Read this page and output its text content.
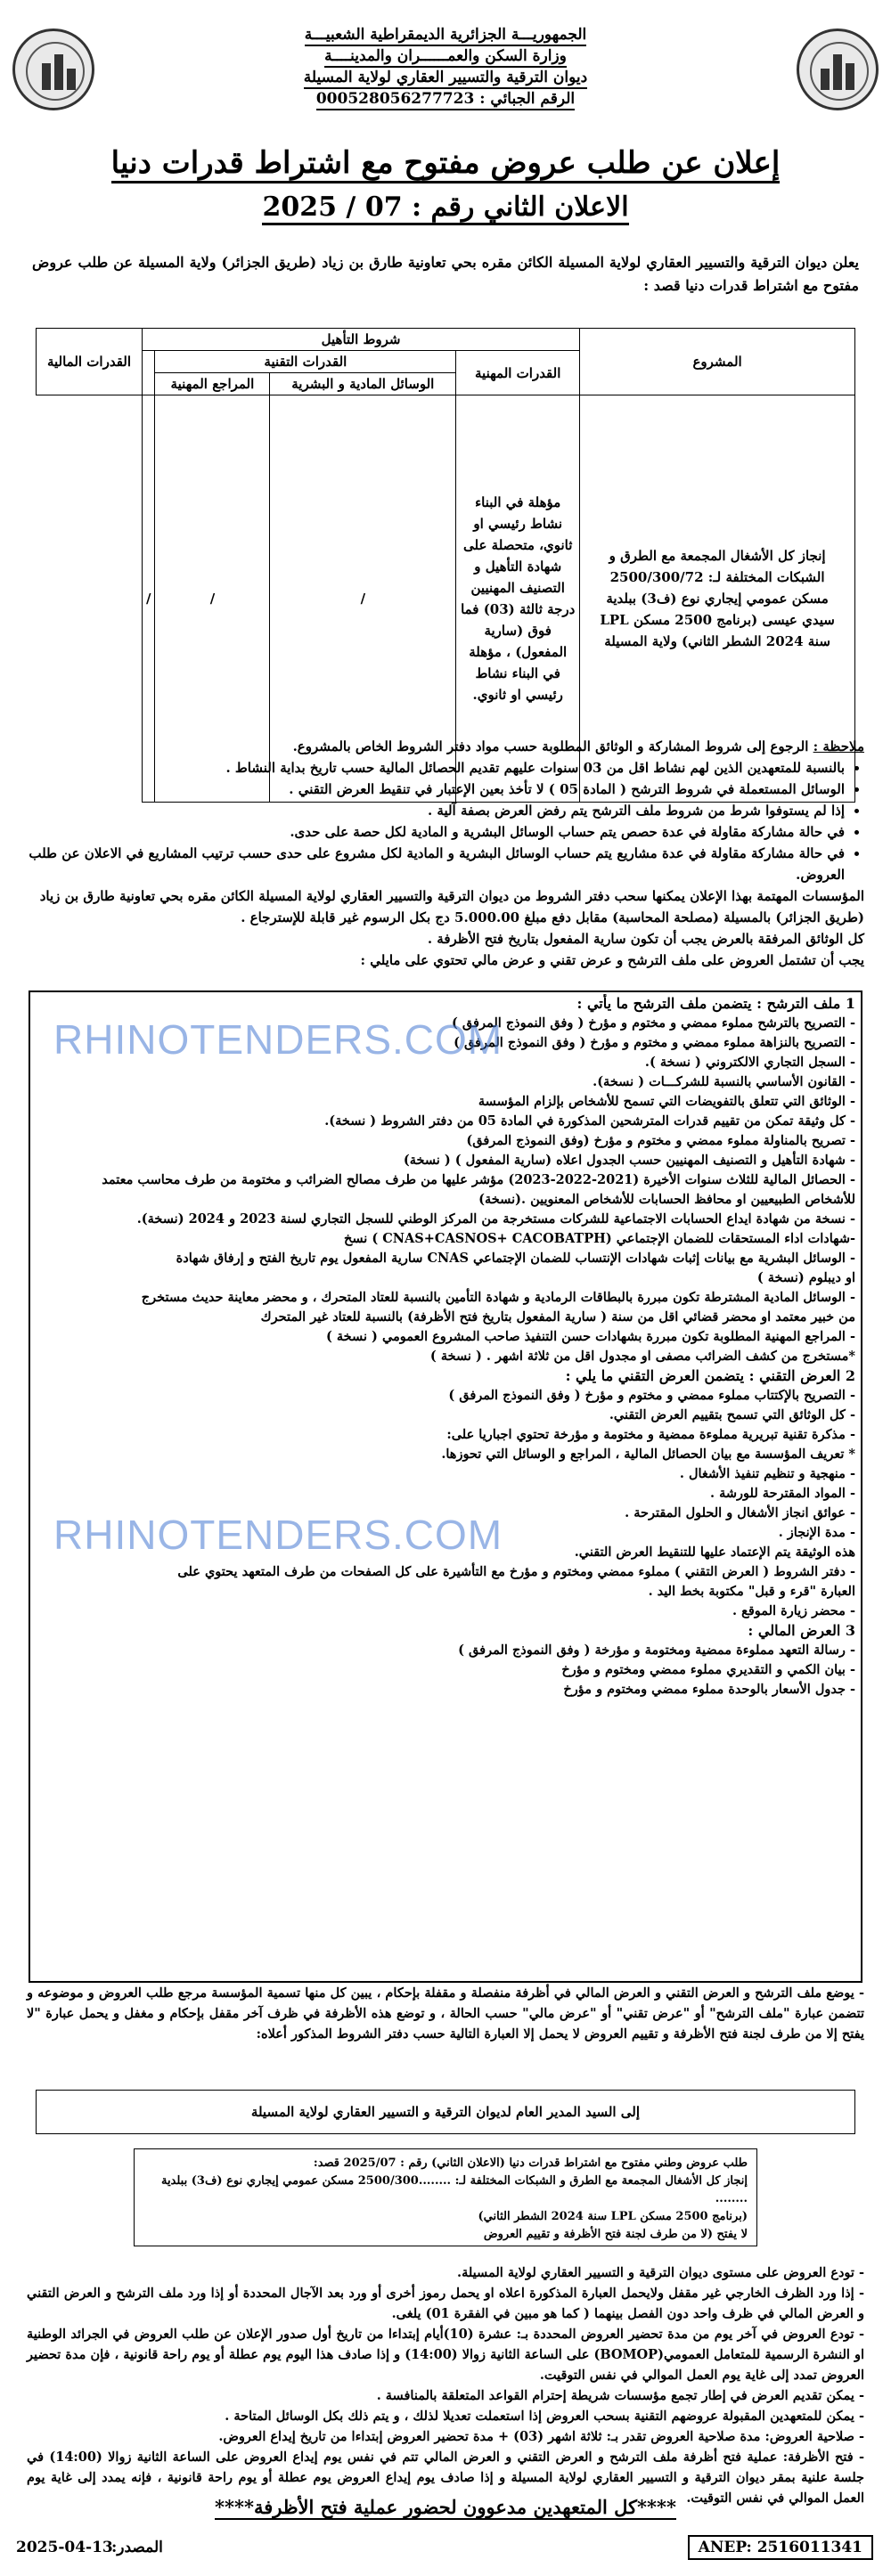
الجمهوريـــة الجزائرية الديمقراطية الشعبيـــة
وزارة السكن والعمــــــران والمدينــــة
ديوان الترقية والتسيير العقاري لولاية المسيلة
الرقم الجبائي : 000528056277723
إعلان عن طلب عروض مفتوح مع اشتراط قدرات دنيا
الاعلان الثاني رقم : 07 / 2025
يعلن ديوان الترقية والتسيير العقاري لولاية المسيلة الكائن مقره بحي تعاونية طارق بن زياد (طريق الجزائر) ولاية المسيلة عن طلب عروض مفتوح مع اشتراط قدرات دنيا قصد :
المشروع	شروط التأهيل				القدرات المالية
	القدرات المهنية	القدرات التقنية			
		الوسائل المادية و البشرية	المراجع المهنية		
إنجاز كل الأشغال المجمعة مع الطرق و الشبكات المختلفة لـ: 2500/300/72 مسكن عمومي إيجاري نوع (ف3) ببلدية سيدي عيسى (برنامج 2500 مسكن LPL سنة 2024 الشطر الثاني) ولاية المسيلة	مؤهلة في البناء نشاط رئيسي او ثانوي، متحصلة على شهادة التأهيل و التصنيف المهنيين درجة ثالثة (03) فما فوق (سارية المفعول) ، مؤهلة في البناء نشاط رئيسي او ثانوي.	/	/	/	

ملاحظة : الرجوع إلى شروط المشاركة و الوثائق المطلوبة حسب مواد دفتر الشروط الخاص بالمشروع.

• بالنسبة للمتعهدين الذين لهم نشاط اقل من 03 سنوات عليهم تقديم الحصائل المالية حسب تاريخ بداية النشاط .
• الوسائل المستعملة في شروط الترشح ( المادة 05 ) لا تأخذ بعين الإعتبار في تنقيط العرض التقني .
• إذا لم يستوفوا شرط من شروط ملف الترشح يتم رفض العرض بصفة آلية .
• في حالة مشاركة مقاولة في عدة حصص يتم حساب الوسائل البشرية و المادية لكل حصة على حدى.
• في حالة مشاركة مقاولة في عدة مشاريع يتم حساب الوسائل البشرية و المادية لكل مشروع على حدى حسب ترتيب المشاريع في الاعلان عن طلب العروض.

المؤسسات المهتمة بهذا الإعلان يمكنها سحب دفتر الشروط من ديوان الترقية والتسيير العقاري لولاية المسيلة الكائن مقره بحي تعاونية طارق بن زياد (طريق الجزائر) بالمسيلة (مصلحة المحاسبة) مقابل دفع مبلغ 5.000.00 دج بكل الرسوم غير قابلة للإسترجاع .

كل الوثائق المرفقة بالعرض يجب أن تكون سارية المفعول بتاريخ فتح الأظرفة .

يجب أن تشتمل العروض على ملف الترشح و عرض تقني و عرض مالي تحتوي على مايلي :

1 ملف الترشح : يتضمن ملف الترشح ما يأتي :
- التصريح بالترشح مملوء ممضي و مختوم و مؤرخ ( وفق النموذج المرفق )
- التصريح بالنزاهة مملوء ممضي و مختوم و مؤرخ ( وفق النموذج المرفق )
- السجل التجاري الالكتروني ( نسخة ).
- القانون الأساسي بالنسبة للشركـــات ( نسخة).
- الوثائق التي تتعلق بالتفويضات التي تسمح للأشخاص بإلزام المؤسسة
- كل وثيقة تمكن من تقييم قدرات المترشحين المذكورة في المادة 05 من دفتر الشروط ( نسخة).
- تصريح بالمناولة مملوء ممضي و مختوم و مؤرخ (وفق النموذج المرفق)
- شهادة التأهيل و التصنيف المهنيين حسب الجدول اعلاه (سارية المفعول ) ( نسخة)
- الحصائل المالية للثلاث سنوات الأخيرة (2021-2022-2023) مؤشر عليها من طرف مصالح الضرائب و مختومة من طرف محاسب معتمد
للأشخاص الطبيعيين او محافظ الحسابات للأشخاص المعنويين .(نسخة)
- نسخة من شهادة ايداع الحسابات الاجتماعية للشركات مستخرجة من المركز الوطني للسجل التجاري لسنة 2023 و 2024 (نسخة).
-شهادات اداء المستحقات للضمان الإجتماعي (CNAS+CASNOS+ CACOBATPH ) نسخ
- الوسائل البشرية مع بيانات إثبات شهادات الإنتساب للضمان الإجتماعي CNAS سارية المفعول يوم تاريخ الفتح و إرفاق شهادة
او ديبلوم (نسخة )
- الوسائل المادية المشترطة تكون مبررة بالبطاقات الرمادية و شهادة التأمين بالنسبة للعتاد المتحرك ، و محضر معاينة حديث مستخرج
من خبير معتمد او محضر قضائي اقل من سنة ( سارية المفعول بتاريخ فتح الأظرفة) بالنسبة للعتاد غير المتحرك
- المراجع المهنية المطلوبة تكون مبررة بشهادات حسن التنفيذ صاحب المشروع العمومي ( نسخة )
*مستخرج من كشف الضرائب مصفى او مجدول اقل من ثلاثة اشهر . ( نسخة )
2 العرض التقني : يتضمن العرض التقني ما يلي :
- التصريح بالإكتتاب مملوء ممضي و مختوم و مؤرخ ( وفق النموذج المرفق )
- كل الوثائق التي تسمح بتقييم العرض التقني.
- مذكرة تقنية تبريرية مملوءة ممضية و مختومة و مؤرخة تحتوي اجباريا على:
* تعريف المؤسسة مع بيان الحصائل المالية ، المراجع و الوسائل التي تحوزها.
- منهجية و تنظيم تنفيذ الأشغال .
- المواد المقترحة للورشة .
- عوائق انجاز الأشغال و الحلول المقترحة .
- مدة الإنجاز .
هذه الوثيقة يتم الإعتماد عليها للتنقيط العرض التقني.
- دفتر الشروط ( العرض التقني ) مملوء ممضي ومختوم و مؤرخ مع التأشيرة على كل الصفحات من طرف المتعهد يحتوي على
العبارة "قرء و قبل" مكتوبة بخط اليد .
- محضر زيارة الموقع .
3 العرض المالي :
- رسالة التعهد مملوءة ممضية ومختومة و مؤرخة ( وفق النموذج المرفق )
- بيان الكمي و التقديري مملوء ممضي ومختوم و مؤرخ
- جدول الأسعار بالوحدة مملوء ممضي ومختوم و مؤرخ
RHINOTENDERS.COM
RHINOTENDERS.COM
- يوضع ملف الترشح و العرض التقني و العرض المالي في أظرفة منفصلة و مقفلة بإحكام ، يبين كل منها تسمية المؤسسة مرجع طلب العروض و موضوعه و تتضمن عبارة "ملف الترشح" أو "عرض تقني" أو "عرض مالي" حسب الحالة ، و توضع هذه الأظرفة في ظرف آخر مقفل بإحكام و مغفل و يحمل عبارة "لا يفتح إلا من طرف لجنة فتح الأظرفة و تقييم العروض لا يحمل إلا العبارة التالية حسب دفتر الشروط المذكور أعلاه:
إلى السيد المدير العام لديوان الترقية و التسيير العقاري لولاية المسيلة
طلب عروض وطني مفتوح مع اشتراط قدرات دنيا (الاعلان الثاني) رقم : 2025/07 قصد:
إنجاز كل الأشغال المجمعة مع الطرق و الشبكات المختلفة لـ: ........2500/300 مسكن عمومي إيجاري نوع (ف3) ببلدية ........
(برنامج 2500 مسكن LPL سنة 2024 الشطر الثاني)
لا يفتح (لا من طرف لجنة فتح الأظرفة و تقييم العروض

- تودع العروض على مستوى ديوان الترقية و التسيير العقاري لولاية المسيلة.

- إذا ورد الظرف الخارجي غير مقفل ولايحمل العبارة المذكورة اعلاه او يحمل رموز أخرى أو ورد بعد الآجال المحددة أو إذا ورد ملف الترشح و العرض التقني و العرض المالي في ظرف واحد دون الفصل بينهما ( كما هو مبين في الفقرة 01) يلغى.

- تودع العروض في آخر يوم من مدة تحضير العروض المحددة بـ: عشرة (10)أيام إبتداءا من تاريخ أول صدور الإعلان عن طلب العروض في الجرائد الوطنية او النشرة الرسمية للمتعامل العمومي(BOMOP) على الساعة الثانية زوالا (14:00) و إذا صادف هذا اليوم يوم عطلة أو يوم راحة قانونية ، فإن مدة تحضير العروض تمدد إلى غاية يوم العمل الموالي في نفس التوقيت.

- يمكن تقديم العرض في إطار تجمع مؤسسات شريطة إحترام القواعد المتعلقة بالمنافسة .

- يمكن للمتعهدين المقبولة عروضهم التقنية بسحب العروض إذا استعملت تعديلا لذلك ، و يتم ذلك بكل الوسائل المتاحة .

- صلاحية العروض: مدة صلاحية العروض تقدر بـ: ثلاثة اشهر (03) + مدة تحضير العروض إبتداءا من تاريخ إيداع العروض.

- فتح الأظرفة: عملية فتح أظرفة ملف الترشح و العرض التقني و العرض المالي تتم في نفس يوم إيداع العروض على الساعة الثانية زوالا (14:00) في جلسة علنية بمقر ديوان الترقية و التسيير العقاري لولاية المسيلة و إذا صادف يوم إيداع العروض يوم عطلة أو يوم راحة قانونية ، فإنه يمدد إلى غاية يوم العمل الموالي في نفس التوقيت.

****كل المتعهدين مدعوون لحضور عملية فتح الأظرفة****
2025-04-13
المصدر:	ANEP: 2516011341
